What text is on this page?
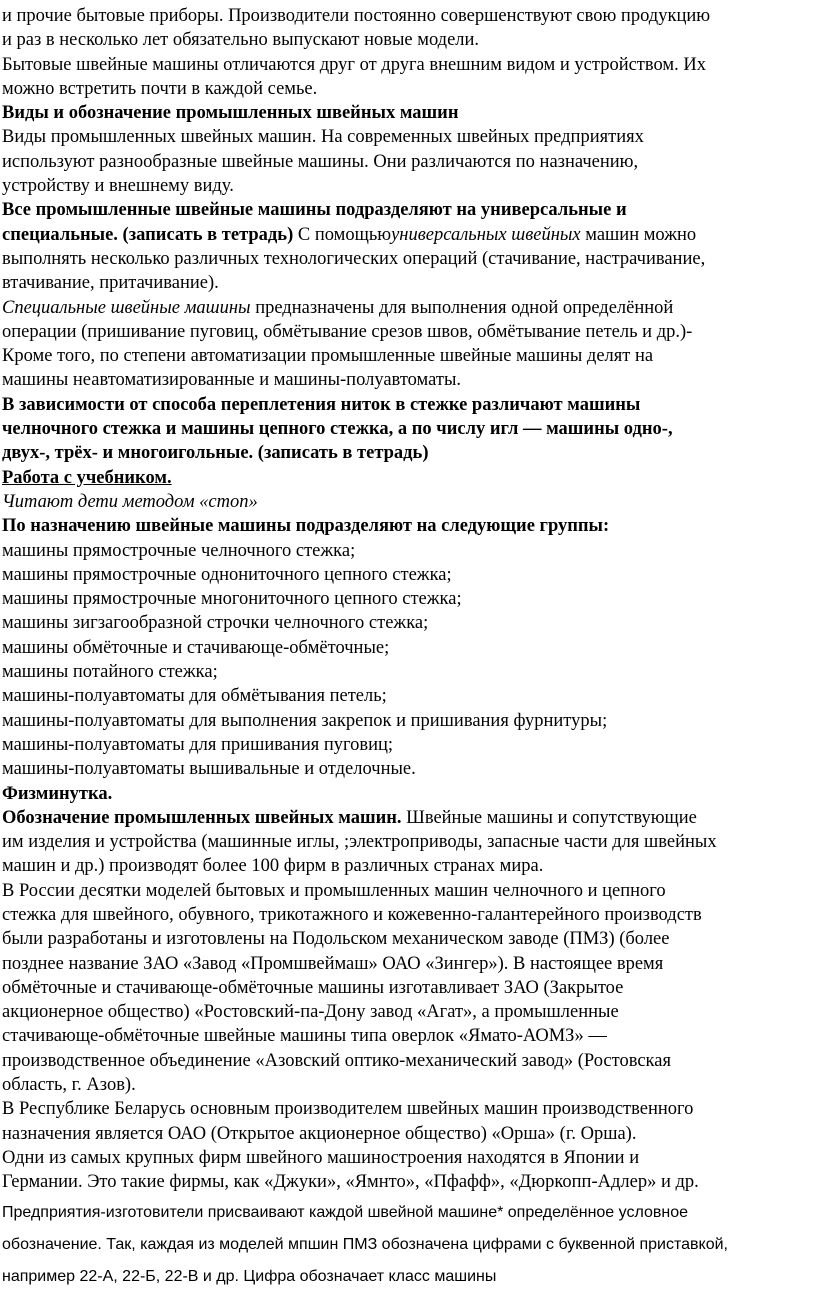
и прочие бытовые приборы. Производители постоянно совершенствуют свою продукцию

и раз в несколько лет обязательно выпускают новые модели.

Бытовые швейные машины отличаются друг от друга внешним видом и устройством. Их

можно встретить почти в каждой семье.

Виды и обозначение промышленных швейных машин

Виды промышленных швейных машин. На современных швейных предприятиях

используют разнообразные швейные машины. Они различаются по назначению,

устройству и внешнему виду.

Все промышленные швейные машины подразделяют на универсальные и

специальные. (записать в тетрадь) С помощьюуниверсальных швейных машин можно

выполнять несколько различных технологических операций (стачивание, настрачивание,

втачивание, притачивание).

Специальные швейные машины предназначены для выполнения одной определённой

операции (пришивание пуговиц, обмётывание срезов швов, обмётывание петель и др.)-

Кроме того, по степени автоматизации промышленные швейные машины делят на

машины неавтоматизированные и машины-полуавтоматы.

В зависимости от способа переплетения ниток в стежке различают машины

челночного стежка и машины цепного стежка, а по числу игл — машины одно-,

двух-, трёх- и многоигольные. (записать в тетрадь)

Работа с учебником.

Читают дети методом «стоп»

По назначению швейные машины подразделяют на следующие группы:

машины прямострочные челночного стежка;

машины прямострочные однониточного цепного стежка;

машины прямострочные многониточного цепного стежка;

машины зигзагообразной строчки челночного стежка;

машины обмёточные и стачивающе-обмёточные;

машины потайного стежка;

машины-полуавтоматы для обмётывания петель;

машины-полуавтоматы для выполнения закрепок и пришивания фурнитуры;

машины-полуавтоматы для пришивания пуговиц;

машины-полуавтоматы вышивальные и отделочные.

Физминутка.

Обозначение промышленных швейных машин. Швейные машины и сопутствующие

им изделия и устройства (машинные иглы, ;электроприводы, запасные части для швейных

машин и др.) производят более 100 фирм в различных странах мира.

В России десятки моделей бытовых и промышленных машин челночного и цепного

стежка для швейного, обувного, трикотажного и кожевенно-галантерейного производств

были разработаны и изготовлены на Подольском механическом заводе (ПМЗ) (более

позднее название ЗАО «Завод «Промшвеймаш» ОАО «Зингер»). В настоящее время

обмёточные и стачивающе-обмёточные машины изготавливает ЗАО (Закрытое

акционерное общество) «Ростовский-па-Дону завод «Агат», а промышленные

стачивающе-обмёточные швейные машины типа оверлок «Ямато-АОМЗ» —

производственное объединение «Азовский оптико-механический завод» (Ростовская

область, г. Азов).

В Республике Беларусь основным производителем швейных машин производственного

назначения является ОАО (Открытое акционерное общество) «Орша» (г. Орша).

Одни из самых крупных фирм швейного машиностроения находятся в Японии и

Германии. Это такие фирмы, как «Джуки», «Ямнто», «Пфафф», «Дюркопп-Адлер» и др.

Предприятия-изготовители присваивают каждой швейной машине* определённое условное

обозначение. Так, каждая из моделей мпшин ПМЗ обозначена цифрами с буквенной приставкой,

например 22-А, 22-Б, 22-В и др. Цифра обозначает класс машины
